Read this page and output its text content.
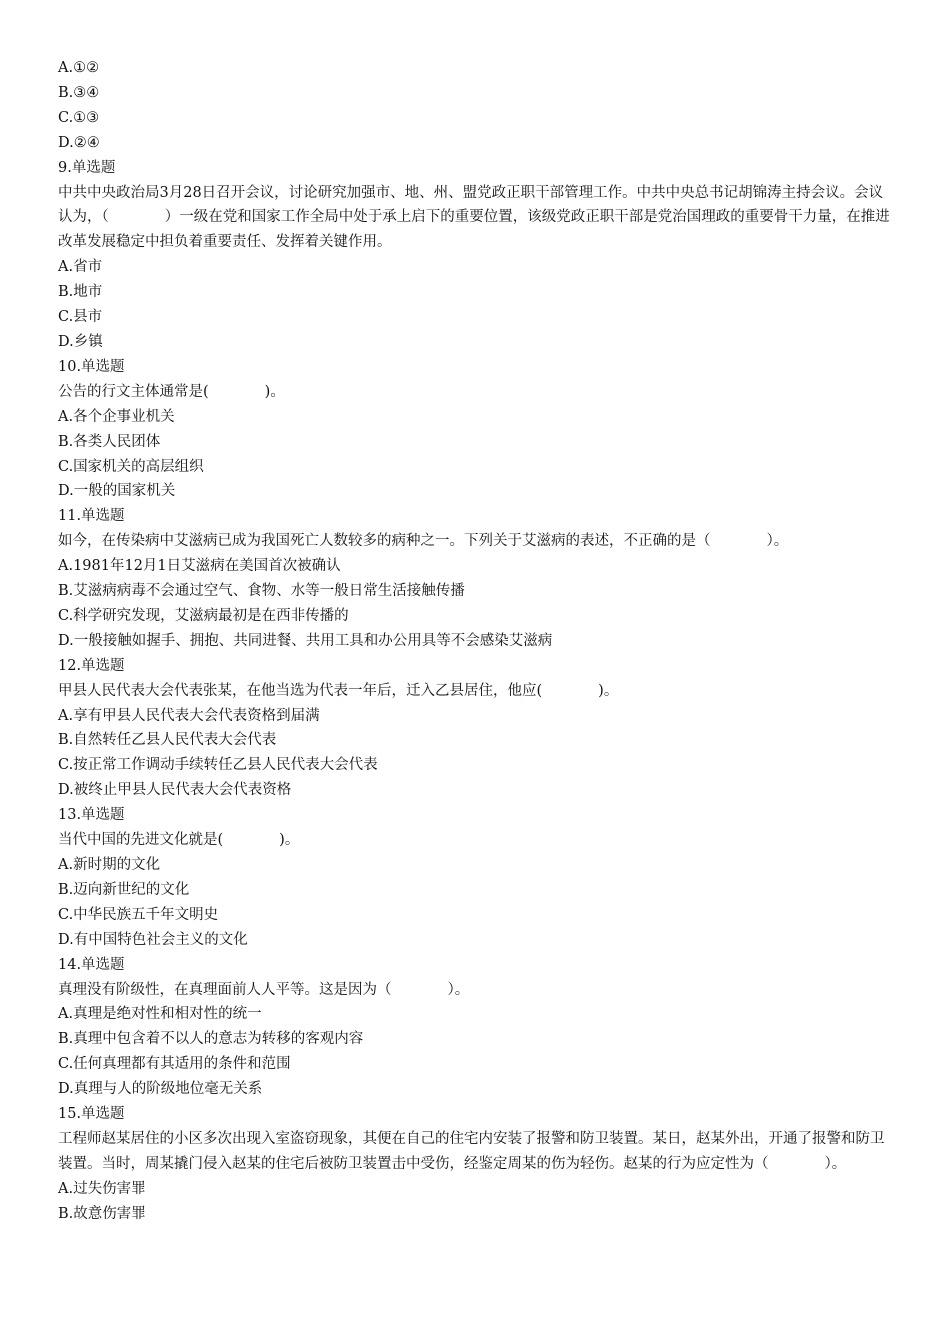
A.①②
B.③④
C.①③
D.②④
9.单选题
中共中央政治局3月28日召开会议，讨论研究加强市、地、州、盟党政正职干部管理工作。中共中央总书记胡锦涛主持会议。会议认为，（	）一级在党和国家工作全局中处于承上启下的重要位置，该级党政正职干部是党治国理政的重要骨干力量，在推进改革发展稳定中担负着重要责任、发挥着关键作用。
A.省市
B.地市
C.县市
D.乡镇
10.单选题
公告的行文主体通常是(	)。
A.各个企事业机关
B.各类人民团体
C.国家机关的高层组织
D.一般的国家机关
11.单选题
如今，在传染病中艾滋病已成为我国死亡人数较多的病种之一。下列关于艾滋病的表述，不正确的是（	）。
A.1981年12月1日艾滋病在美国首次被确认
B.艾滋病病毒不会通过空气、食物、水等一般日常生活接触传播
C.科学研究发现，艾滋病最初是在西非传播的
D.一般接触如握手、拥抱、共同进餐、共用工具和办公用具等不会感染艾滋病
12.单选题
甲县人民代表大会代表张某，在他当选为代表一年后，迁入乙县居住，他应(	)。
A.享有甲县人民代表大会代表资格到届满
B.自然转任乙县人民代表大会代表
C.按正常工作调动手续转任乙县人民代表大会代表
D.被终止甲县人民代表大会代表资格
13.单选题
当代中国的先进文化就是(	)。
A.新时期的文化
B.迈向新世纪的文化
C.中华民族五千年文明史
D.有中国特色社会主义的文化
14.单选题
真理没有阶级性，在真理面前人人平等。这是因为（	）。
A.真理是绝对性和相对性的统一
B.真理中包含着不以人的意志为转移的客观内容
C.任何真理都有其适用的条件和范围
D.真理与人的阶级地位毫无关系
15.单选题
工程师赵某居住的小区多次出现入室盗窃现象，其便在自己的住宅内安装了报警和防卫装置。某日，赵某外出，开通了报警和防卫装置。当时，周某撬门侵入赵某的住宅后被防卫装置击中受伤，经鉴定周某的伤为轻伤。赵某的行为应定性为（	）。
A.过失伤害罪
B.故意伤害罪
